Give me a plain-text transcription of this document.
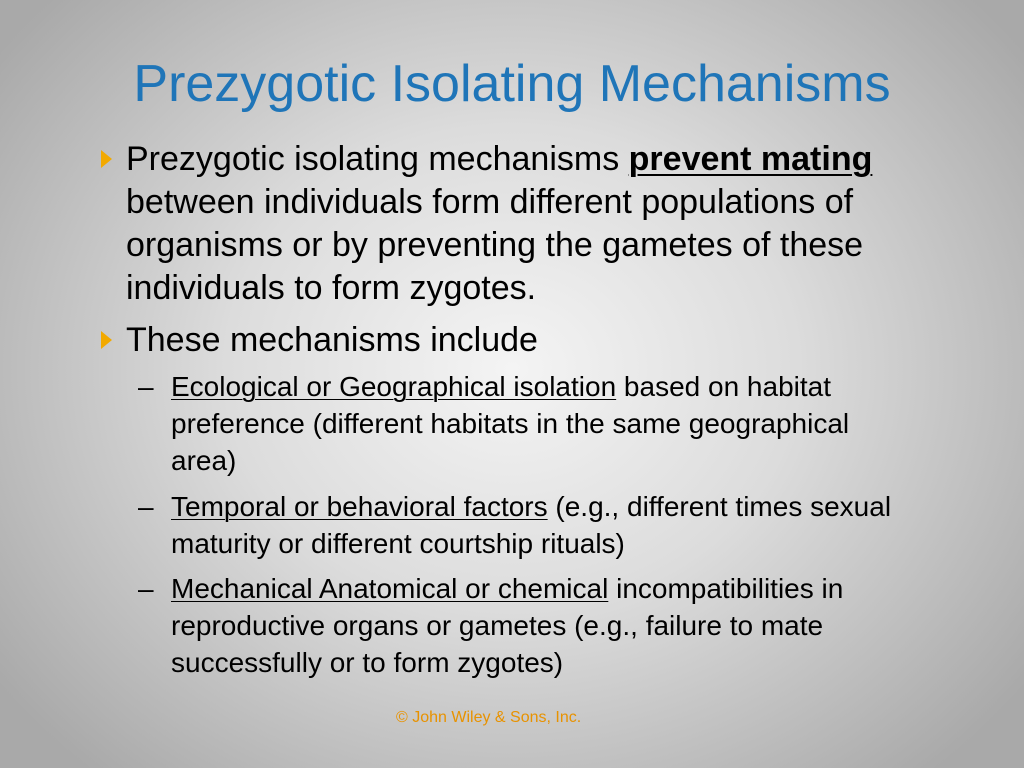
Prezygotic Isolating Mechanisms

Prezygotic isolating mechanisms prevent mating between individuals form different populations of organisms or by preventing the gametes of these individuals to form zygotes.

These mechanisms include

– Ecological or Geographical isolation based on habitat preference (different habitats in the same geographical area)

– Temporal or behavioral factors (e.g., different times sexual maturity or different courtship rituals)

– Mechanical Anatomical or chemical incompatibilities in reproductive organs or gametes (e.g., failure to mate successfully or to form zygotes)

© John Wiley & Sons, Inc.
